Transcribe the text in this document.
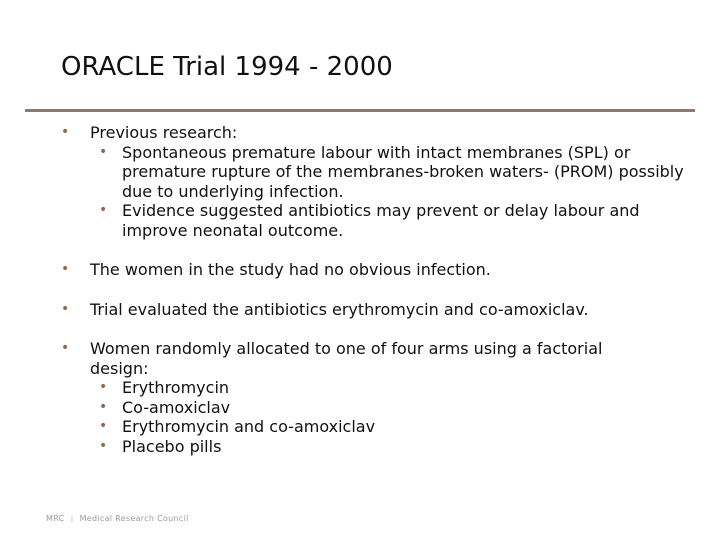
ORACLE Trial 1994 - 2000
• Previous research:
• Spontaneous premature labour with intact membranes (SPL) or premature rupture of the membranes-broken waters- (PROM) possibly due to underlying infection.
• Evidence suggested antibiotics may prevent or delay labour and improve neonatal outcome.
• The women in the study had no obvious infection.
• Trial evaluated the antibiotics erythromycin and co-amoxiclav.
• Women randomly allocated to one of four arms using a factorial design:
• Erythromycin
• Co-amoxiclav
• Erythromycin and co-amoxiclav
• Placebo pills
MRC | Medical Research Council
